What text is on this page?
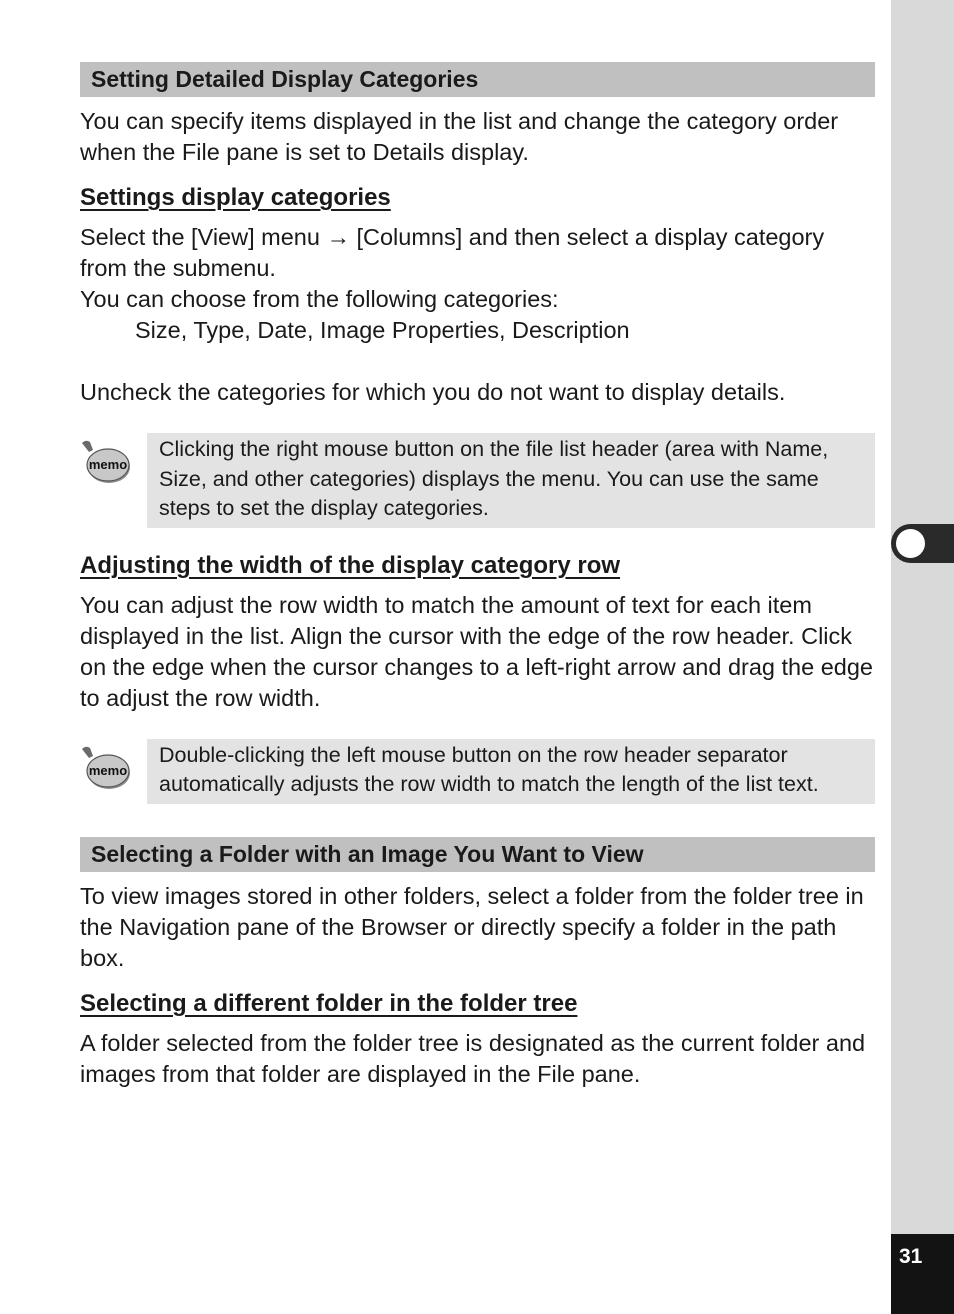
31
Setting Detailed Display Categories

You can specify items displayed in the list and change the category order when the File pane is set to Details display.

Settings display categories

Select the [View] menu → [Columns] and then select a display category from the submenu.

You can choose from the following categories:

Size, Type, Date, Image Properties, Description

Uncheck the categories for which you do not want to display details.

memo
Clicking the right mouse button on the file list header (area with Name, Size, and other categories) displays the menu. You can use the same steps to set the display categories.
Adjusting the width of the display category row

You can adjust the row width to match the amount of text for each item displayed in the list. Align the cursor with the edge of the row header. Click on the edge when the cursor changes to a left-right arrow and drag the edge to adjust the row width.

memo
Double-clicking the left mouse button on the row header separator automatically adjusts the row width to match the length of the list text.
Selecting a Folder with an Image You Want to View

To view images stored in other folders, select a folder from the folder tree in the Navigation pane of the Browser or directly specify a folder in the path box.

Selecting a different folder in the folder tree

A folder selected from the folder tree is designated as the current folder and images from that folder are displayed in the File pane.
